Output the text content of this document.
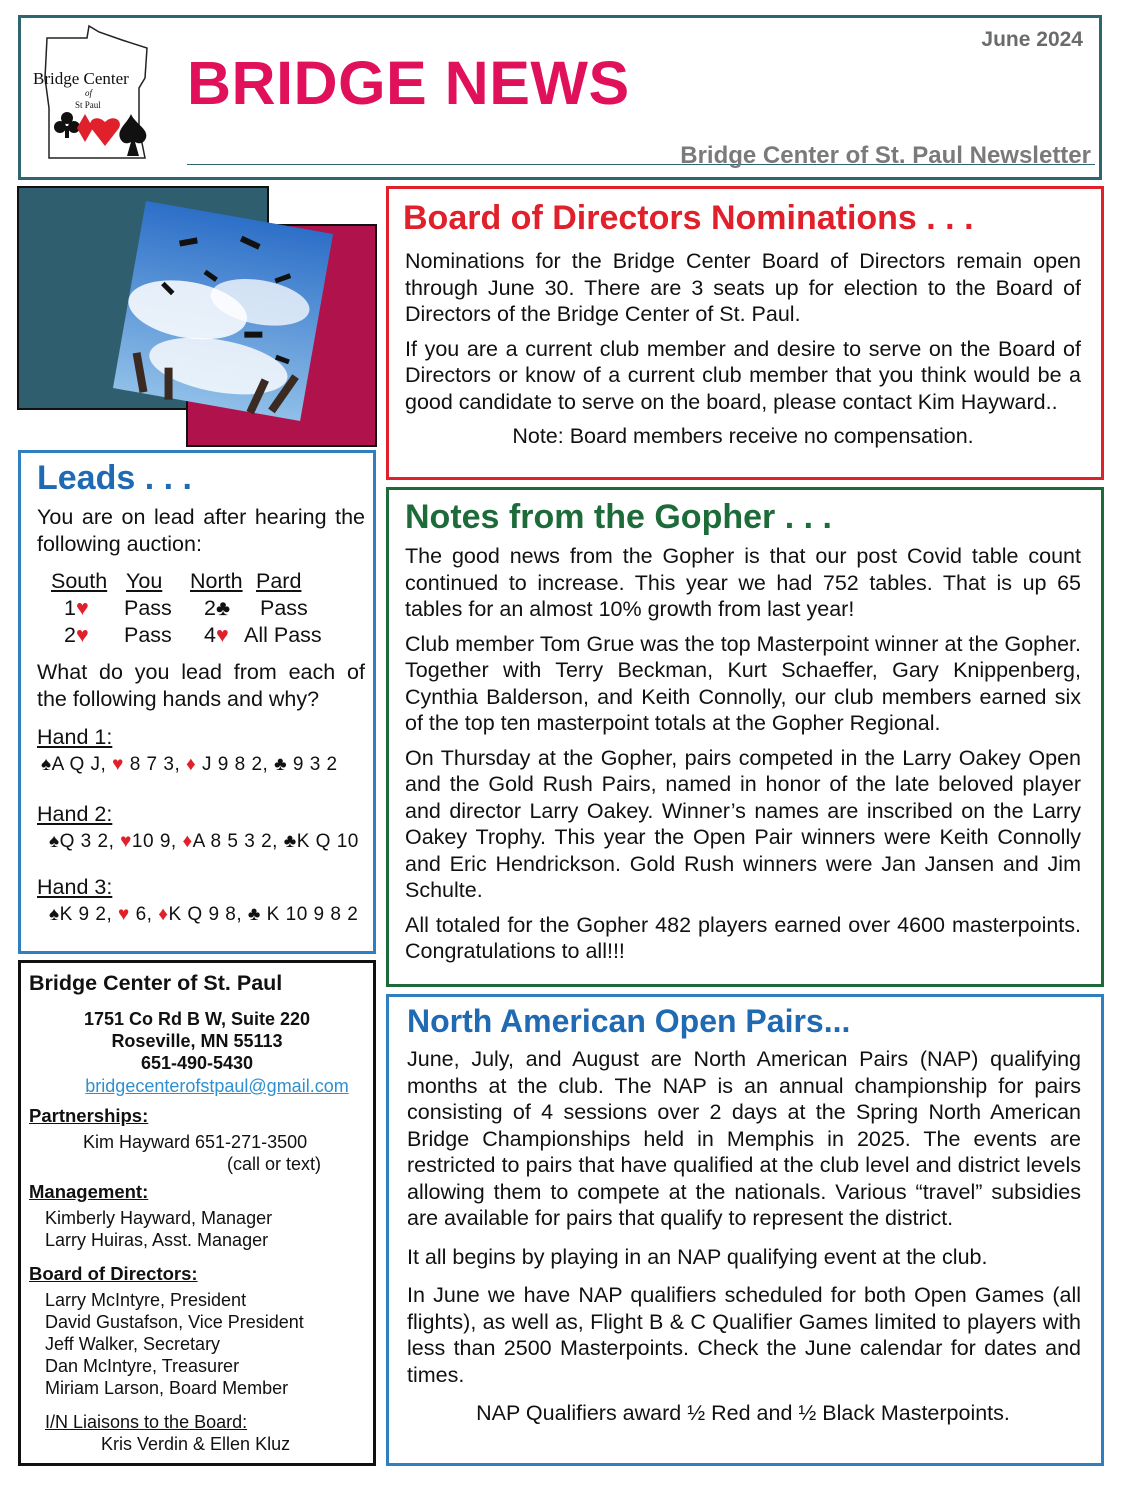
Bridge Center
of
St Paul BRIDGE NEWS
June 2024
Bridge Center of St. Paul Newsletter
Board of Directors Nominations . . .
Nominations for the Bridge Center Board of Directors remain open through June 30. There are 3 seats up for election to the Board of Directors of the Bridge Center of St. Paul.
If you are a current club member and desire to serve on the Board of Directors or know of a current club member that you think would be a good candidate to serve on the board, please contact Kim Hayward..
Note: Board members receive no compensation.
Notes from the Gopher . . .
The good news from the Gopher is that our post Covid table count continued to increase. This year we had 752 tables. That is up 65 tables for an almost 10% growth from last year!
Club member Tom Grue was the top Masterpoint winner at the Gopher. Together with Terry Beckman, Kurt Schaeffer, Gary Knippenberg, Cynthia Balderson, and Keith Connolly, our club members earned six of the top ten masterpoint totals at the Gopher Regional.
On Thursday at the Gopher, pairs competed in the Larry Oakey Open and the Gold Rush Pairs, named in honor of the late beloved player and director Larry Oakey. Winner’s names are inscribed on the Larry Oakey Trophy. This year the Open Pair winners were Keith Connolly and Eric Hendrickson. Gold Rush winners were Jan Jansen and Jim Schulte.
All totaled for the Gopher 482 players earned over 4600 masterpoints. Congratulations to all!!!
North American Open Pairs...
June, July, and August are North American Pairs (NAP) qualifying months at the club. The NAP is an annual championship for pairs consisting of 4 sessions over 2 days at the Spring North American Bridge Championships held in Memphis in 2025. The events are restricted to pairs that have qualified at the club level and district levels allowing them to compete at the nationals. Various “travel” subsidies are available for pairs that qualify to represent the district.
It all begins by playing in an NAP qualifying event at the club.
In June we have NAP qualifiers scheduled for both Open Games (all flights), as well as, Flight B & C Qualifier Games limited to players with less than 2500 Masterpoints. Check the June calendar for dates and times.
NAP Qualifiers award ½ Red and ½ Black Masterpoints.
Leads . . .
You are on lead after hearing the following auction:
South You	North Pard
1♥	Pass	2♣	Pass
2♥	Pass	4♥ All Pass
What do you lead from each of the following hands and why?
Hand 1:
♠A Q J, ♥ 8 7 3, ♦ J 9 8 2, ♣ 9 3 2
Hand 2:
♠Q 3 2, ♥10 9, ♦A 8 5 3 2, ♣K Q 10
Hand 3:
♠K 9 2, ♥ 6, ♦K Q 9 8, ♣ K 10 9 8 2
Bridge Center of St. Paul
1751 Co Rd B W, Suite 220
Roseville, MN 55113
651-490-5430
bridgecenterofstpaul@gmail.com
Partnerships:
Kim Hayward 651-271-3500
(call or text)
Management:
Kimberly Hayward, Manager
Larry Huiras, Asst. Manager
Board of Directors:
Larry McIntyre, President
David Gustafson, Vice President
Jeff Walker, Secretary
Dan McIntyre, Treasurer
Miriam Larson, Board Member
I/N Liaisons to the Board:
Kris Verdin & Ellen Kluz
